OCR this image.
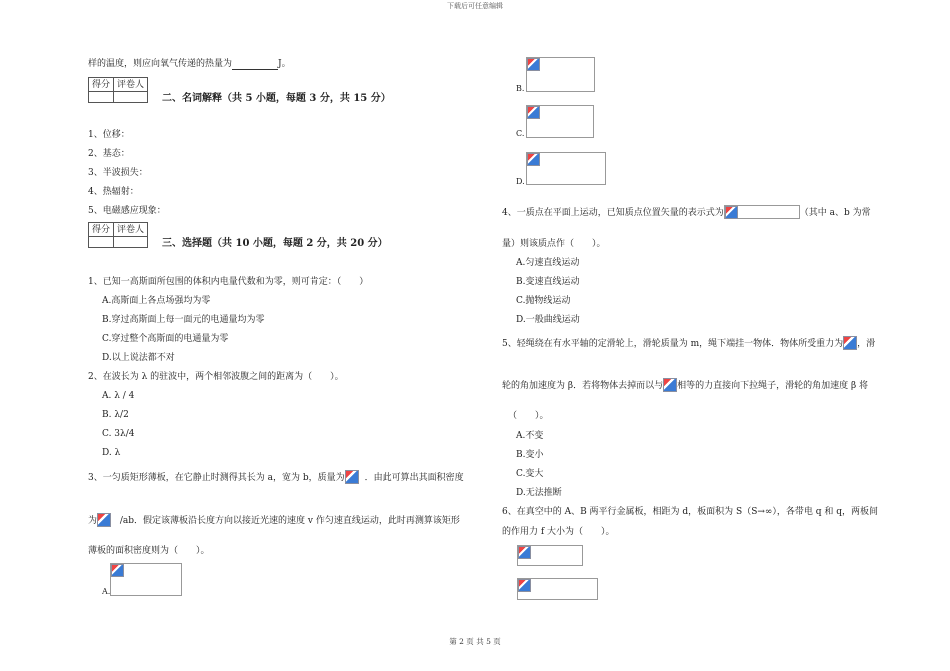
下载后可任意编辑
第 2 页 共 5 页
样的温度，则应向氧气传递的热量为	J。
得分	评卷人

二、名词解释（共 5 小题，每题 3 分，共 15 分）
1、位移：
2、基态：
3、半波损失：
4、热辐射：
5、电磁感应现象：
得分	评卷人

三、选择题（共 10 小题，每题 2 分，共 20 分）
1、已知一高斯面所包围的体积内电量代数和为零，则可肯定：（　　）
A.高斯面上各点场强均为零
B.穿过高斯面上每一面元的电通量均为零
C.穿过整个高斯面的电通量为零
D.以上说法都不对
2、在波长为 λ 的驻波中，两个相邻波腹之间的距离为（　　）。
A. λ / 4
B. λ/2
C. 3λ/4
D. λ
3、一匀质矩形薄板，在它静止时测得其长为 a，宽为 b，质量为 ．由此可算出其面积密度
为 /ab．假定该薄板沿长度方向以接近光速的速度 v 作匀速直线运动，此时再测算该矩形
薄板的面积密度则为（　　）。
A.
B.
C.
D.
4、一质点在平面上运动，已知质点位置矢量的表示式为	（其中 a、b 为常
量）则该质点作（　　）。
A.匀速直线运动
B.变速直线运动
C.抛物线运动
D.一般曲线运动
5、轻绳绕在有水平轴的定滑轮上，滑轮质量为 m，绳下端挂一物体．物体所受重力为 ，滑
轮的角加速度为 β．若将物体去掉而以与 相等的力直接向下拉绳子，滑轮的角加速度 β 将
（　　）。
A.不变
B.变小
C.变大
D.无法推断
6、在真空中的 A、B 两平行金属板，相距为 d，板面积为 S（S→∞），各带电 q 和 q，两板间
的作用力 f 大小为（　　）。
